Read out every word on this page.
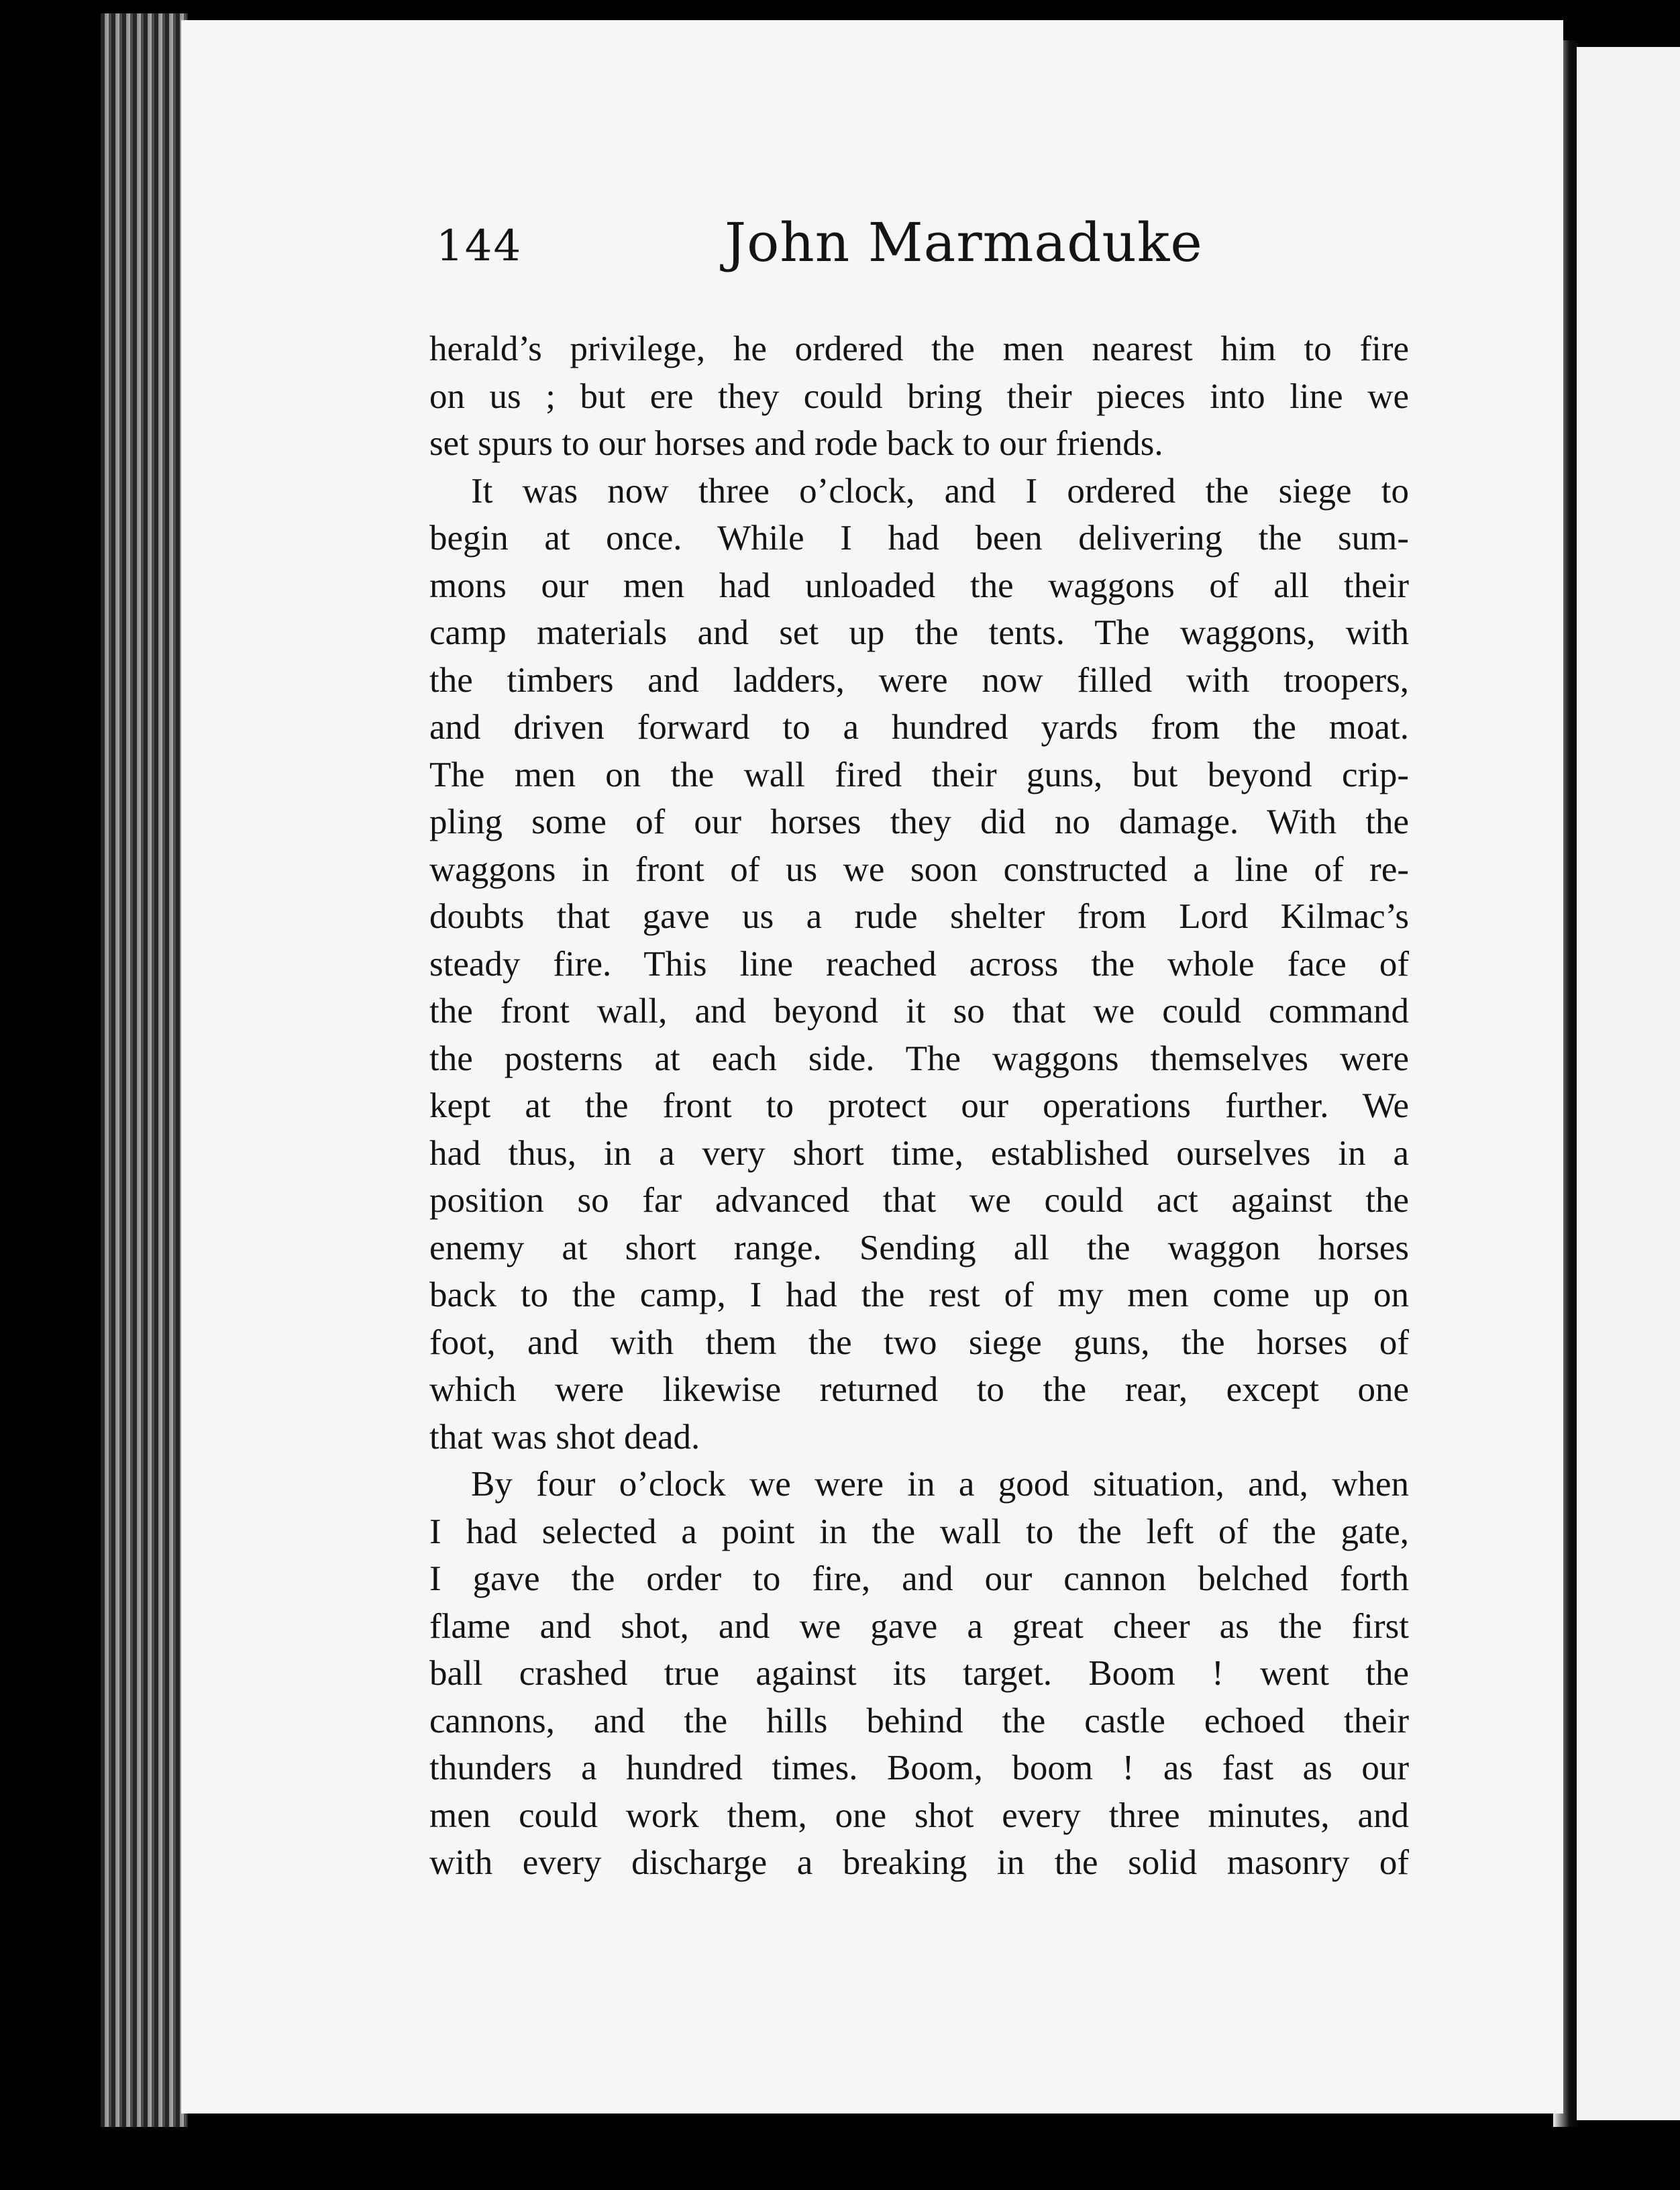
144	John Marmaduke
herald’s privilege, he ordered the men nearest him to fire
on us ; but ere they could bring their pieces into line we
set spurs to our horses and rode back to our friends.
It was now three o’clock, and I ordered the siege to
begin at once. While I had been delivering the sum-
mons our men had unloaded the waggons of all their
camp materials and set up the tents. The waggons, with
the timbers and ladders, were now filled with troopers,
and driven forward to a hundred yards from the moat.
The men on the wall fired their guns, but beyond crip-
pling some of our horses they did no damage. With the
waggons in front of us we soon constructed a line of re-
doubts that gave us a rude shelter from Lord Kilmac’s
steady fire. This line reached across the whole face of
the front wall, and beyond it so that we could command
the posterns at each side. The waggons themselves were
kept at the front to protect our operations further. We
had thus, in a very short time, established ourselves in a
position so far advanced that we could act against the
enemy at short range. Sending all the waggon horses
back to the camp, I had the rest of my men come up on
foot, and with them the two siege guns, the horses of
which were likewise returned to the rear, except one
that was shot dead.
By four o’clock we were in a good situation, and, when
I had selected a point in the wall to the left of the gate,
I gave the order to fire, and our cannon belched forth
flame and shot, and we gave a great cheer as the first
ball crashed true against its target. Boom ! went the
cannons, and the hills behind the castle echoed their
thunders a hundred times. Boom, boom ! as fast as our
men could work them, one shot every three minutes, and
with every discharge a breaking in the solid masonry of
